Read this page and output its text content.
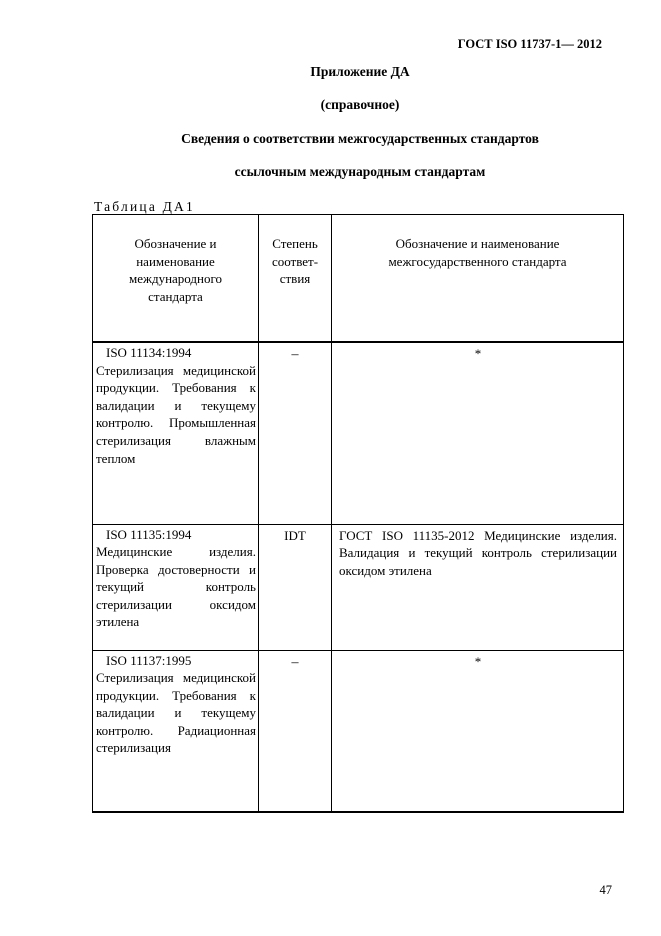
ГОСТ ISO 11737-1— 2012
Приложение ДА
(справочное)
Сведения о соответствии межгосударственных стандартов
ссылочным международным стандартам
Таблица ДА1
Обозначение и наименование международного стандарта	Степень соответ- ствия	Обозначение и наименование межгосударственного стандарта

ISO 11134:1994
Стерилизация медицинской продукции. Требования к валидации и текущему контролю. Промышленная стерилизация влажным теплом	–	*

ISO 11135:1994
Медицинские изделия. Проверка достоверности и текущий контроль стерилизации оксидом этилена	IDT	ГОСТ ISO 11135-2012 Медицинские изделия. Валидация и текущий контроль стерилизации оксидом этилена

ISO 11137:1995
Стерилизация медицинской продукции. Требования к валидации и текущему контролю. Радиационная стерилизация	–	*
47
